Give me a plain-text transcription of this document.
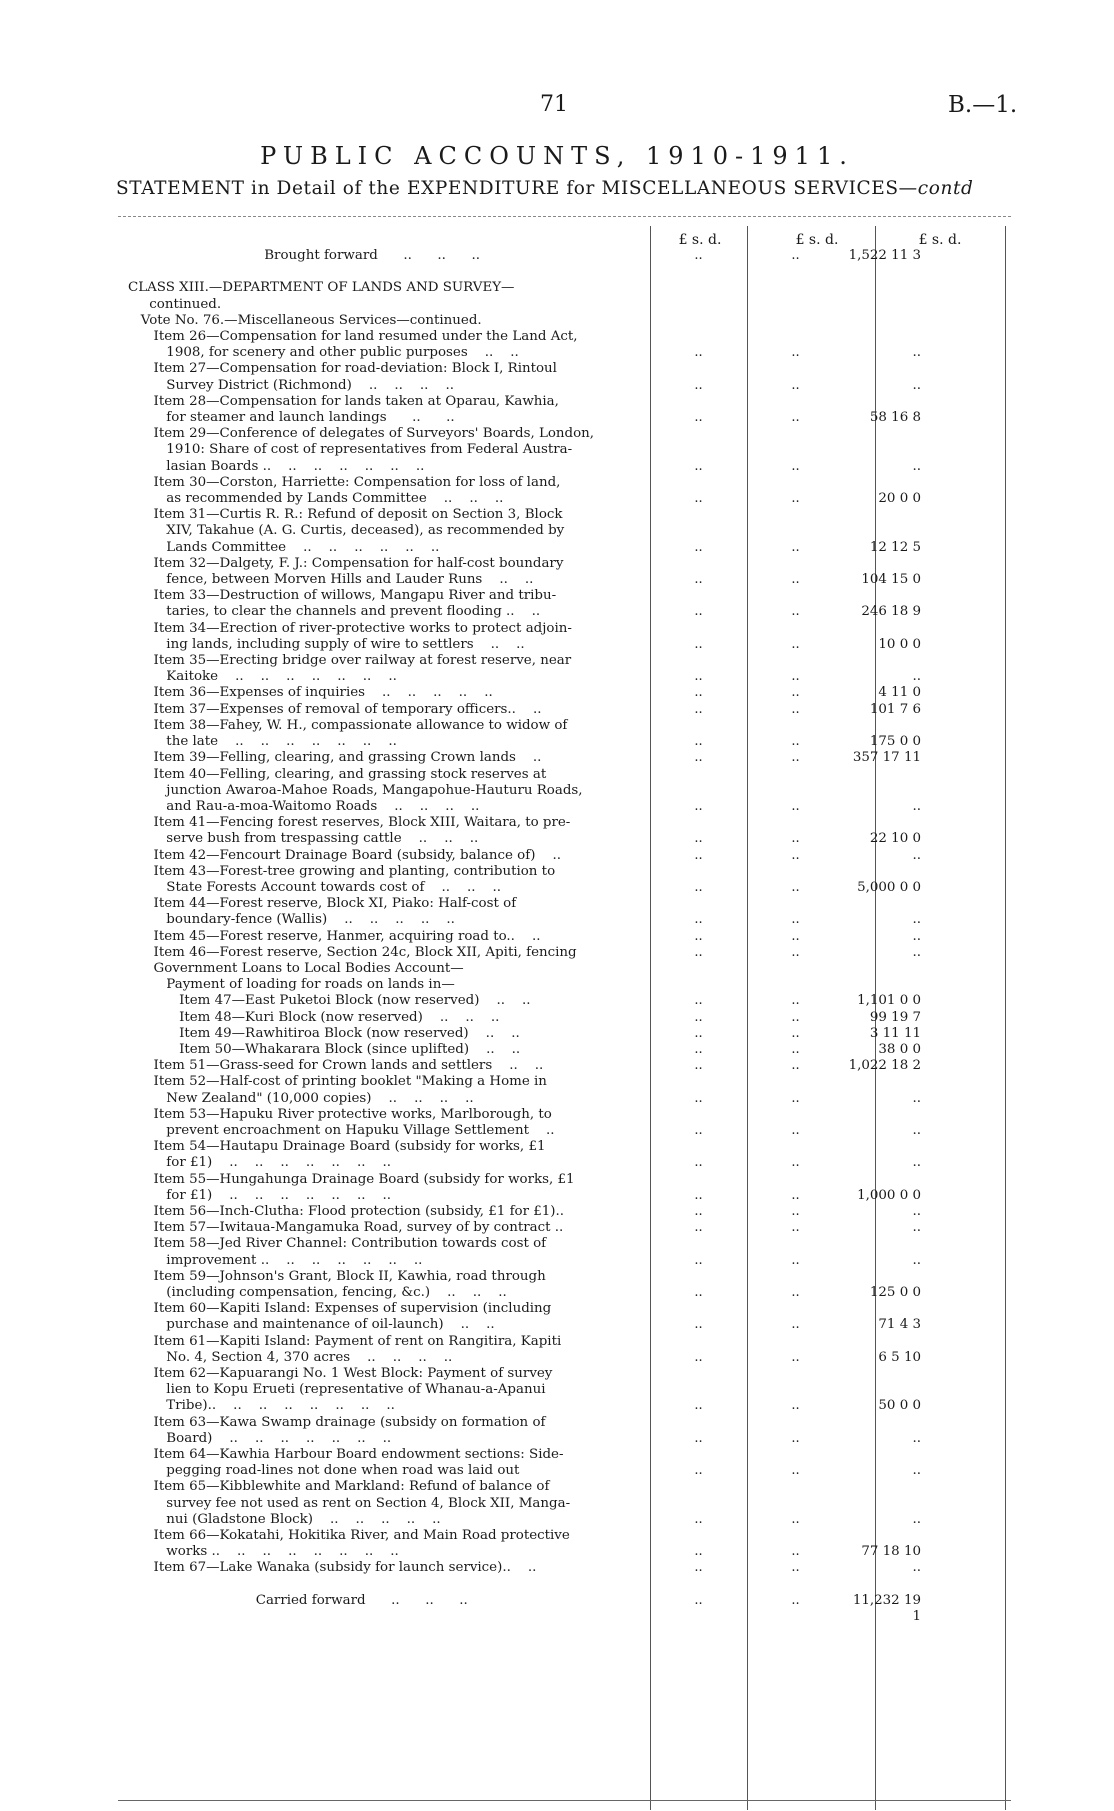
71	B.—1.
PUBLIC ACCOUNTS, 1910-1911.
STATEMENT in Detail of the EXPENDITURE for MISCELLANEOUS SERVICES—contd
£ s. d.	£ s. d.	£ s. d.
Brought forward      ..      ..      ..	..	..	1,522 11 3

CLASS XIII.—DEPARTMENT OF LANDS AND SURVEY—

continued.

Vote No. 76.—Miscellaneous Services—continued.

Item 26—Compensation for land resumed under the Land Act,

1908, for scenery and other public purposes    ..    ..	..	..	..
Item 27—Compensation for road-deviation: Block I, Rintoul

Survey District (Richmond)    ..    ..    ..    ..	..	..	..
Item 28—Compensation for lands taken at Oparau, Kawhia,

for steamer and launch landings      ..      ..	..	..	58 16 8
Item 29—Conference of delegates of Surveyors' Boards, London,

1910: Share of cost of representatives from Federal Austra-

lasian Boards ..    ..    ..    ..    ..    ..    ..	..	..	..
Item 30—Corston, Harriette: Compensation for loss of land,

as recommended by Lands Committee    ..    ..    ..	..	..	20 0 0
Item 31—Curtis R. R.: Refund of deposit on Section 3, Block

XIV, Takahue (A. G. Curtis, deceased), as recommended by

Lands Committee    ..    ..    ..    ..    ..    ..	..	..	12 12 5
Item 32—Dalgety, F. J.: Compensation for half-cost boundary

fence, between Morven Hills and Lauder Runs    ..    ..	..	..	104 15 0
Item 33—Destruction of willows, Mangapu River and tribu-

taries, to clear the channels and prevent flooding ..    ..	..	..	246 18 9
Item 34—Erection of river-protective works to protect adjoin-

ing lands, including supply of wire to settlers    ..    ..	..	..	10 0 0
Item 35—Erecting bridge over railway at forest reserve, near

Kaitoke    ..    ..    ..    ..    ..    ..    ..	..	..	..
Item 36—Expenses of inquiries    ..    ..    ..    ..    ..	..	..	4 11 0
Item 37—Expenses of removal of temporary officers..    ..	..	..	101 7 6
Item 38—Fahey, W. H., compassionate allowance to widow of

the late    ..    ..    ..    ..    ..    ..    ..	..	..	175 0 0
Item 39—Felling, clearing, and grassing Crown lands    ..	..	..	357 17 11
Item 40—Felling, clearing, and grassing stock reserves at

junction Awaroa-Mahoe Roads, Mangapohue-Hauturu Roads,

and Rau-a-moa-Waitomo Roads    ..    ..    ..    ..	..	..	..
Item 41—Fencing forest reserves, Block XIII, Waitara, to pre-

serve bush from trespassing cattle    ..    ..    ..	..	..	22 10 0
Item 42—Fencourt Drainage Board (subsidy, balance of)    ..	..	..	..
Item 43—Forest-tree growing and planting, contribution to

State Forests Account towards cost of    ..    ..    ..	..	..	5,000 0 0
Item 44—Forest reserve, Block XI, Piako: Half-cost of

boundary-fence (Wallis)    ..    ..    ..    ..    ..	..	..	..
Item 45—Forest reserve, Hanmer, acquiring road to..    ..	..	..	..
Item 46—Forest reserve, Section 24c, Block XII, Apiti, fencing	..	..	..
Government Loans to Local Bodies Account—

Payment of loading for roads on lands in—

Item 47—East Puketoi Block (now reserved)    ..    ..	..	..	1,101 0 0
Item 48—Kuri Block (now reserved)    ..    ..    ..	..	..	99 19 7
Item 49—Rawhitiroa Block (now reserved)    ..    ..	..	..	3 11 11
Item 50—Whakarara Block (since uplifted)    ..    ..	..	..	38 0 0
Item 51—Grass-seed for Crown lands and settlers    ..    ..	..	..	1,022 18 2
Item 52—Half-cost of printing booklet "Making a Home in

New Zealand" (10,000 copies)    ..    ..    ..    ..	..	..	..
Item 53—Hapuku River protective works, Marlborough, to

prevent encroachment on Hapuku Village Settlement    ..	..	..	..
Item 54—Hautapu Drainage Board (subsidy for works, £1

for £1)    ..    ..    ..    ..    ..    ..    ..	..	..	..
Item 55—Hungahunga Drainage Board (subsidy for works, £1

for £1)    ..    ..    ..    ..    ..    ..    ..	..	..	1,000 0 0
Item 56—Inch-Clutha: Flood protection (subsidy, £1 for £1)..	..	..	..
Item 57—Iwitaua-Mangamuka Road, survey of by contract ..	..	..	..
Item 58—Jed River Channel: Contribution towards cost of

improvement ..    ..    ..    ..    ..    ..    ..	..	..	..
Item 59—Johnson's Grant, Block II, Kawhia, road through

(including compensation, fencing, &c.)    ..    ..    ..	..	..	125 0 0
Item 60—Kapiti Island: Expenses of supervision (including

purchase and maintenance of oil-launch)    ..    ..	..	..	71 4 3
Item 61—Kapiti Island: Payment of rent on Rangitira, Kapiti

No. 4, Section 4, 370 acres    ..    ..    ..    ..	..	..	6 5 10
Item 62—Kapuarangi No. 1 West Block: Payment of survey

lien to Kopu Erueti (representative of Whanau-a-Apanui

Tribe)..    ..    ..    ..    ..    ..    ..    ..	..	..	50 0 0
Item 63—Kawa Swamp drainage (subsidy on formation of

Board)    ..    ..    ..    ..    ..    ..    ..	..	..	..
Item 64—Kawhia Harbour Board endowment sections: Side-

pegging road-lines not done when road was laid out	..	..	..
Item 65—Kibblewhite and Markland: Refund of balance of

survey fee not used as rent on Section 4, Block XII, Manga-

nui (Gladstone Block)    ..    ..    ..    ..    ..	..	..	..
Item 66—Kokatahi, Hokitika River, and Main Road protective

works ..    ..    ..    ..    ..    ..    ..    ..	..	..	77 18 10
Item 67—Lake Wanaka (subsidy for launch service)..    ..	..	..	..

Carried forward      ..      ..      ..	..	..	11,232 19 1
